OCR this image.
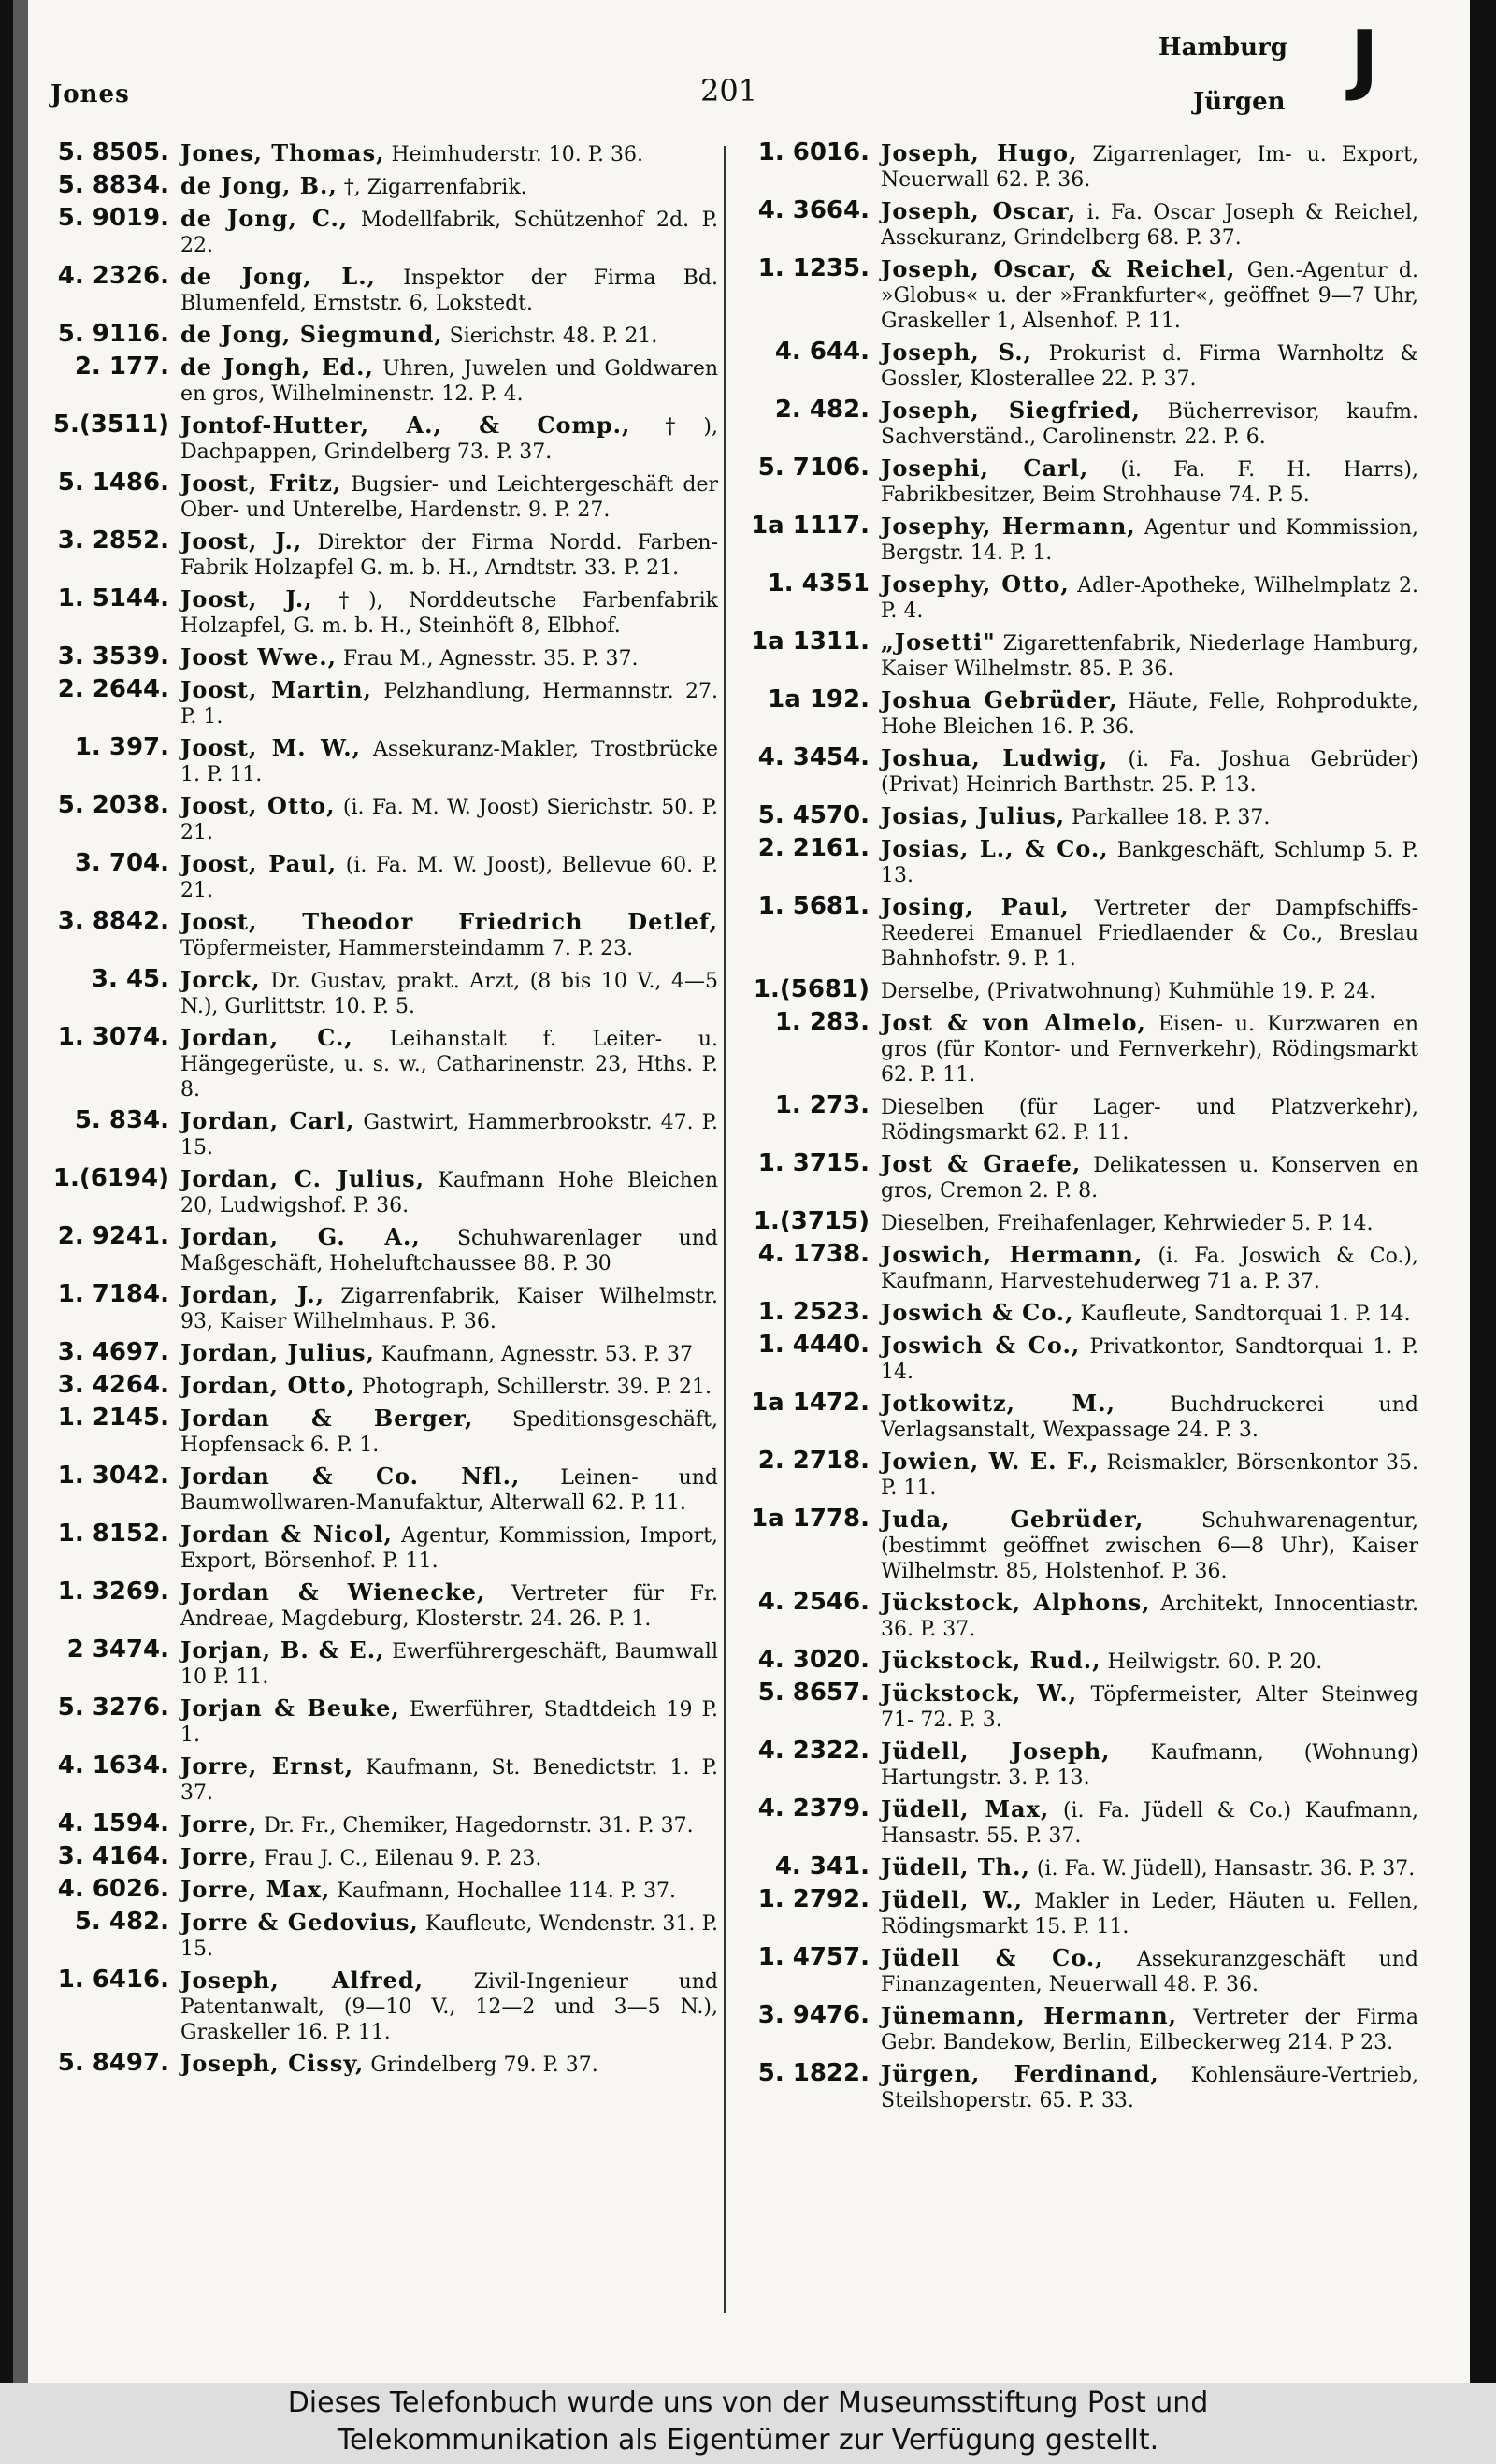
Jones	201
Hamburg
Jürgen J
5. 8505. Jones, Thomas, Heimhuderstr. 10. P. 36.
5. 8834. de Jong, B., †, Zigarrenfabrik.
5. 9019. de Jong, C., Modellfabrik, Schützenhof 2d. P. 22.
4. 2326. de Jong, L., Inspektor der Firma Bd. Blumenfeld, Ernststr. 6, Lokstedt.
5. 9116. de Jong, Siegmund, Sierichstr. 48. P. 21.
2. 177. de Jongh, Ed., Uhren, Juwelen und Goldwaren en gros, Wilhelminenstr. 12. P. 4.
5.(3511) Jontof-Hutter, A., & Comp., †), Dachpappen, Grindelberg 73. P. 37.
5. 1486. Joost, Fritz, Bugsier- und Leichtergeschäft der Ober- und Unterelbe, Hardenstr. 9. P. 27.
3. 2852. Joost, J., Direktor der Firma Nordd. Farben-Fabrik Holzapfel G. m. b. H., Arndtstr. 33. P. 21.
1. 5144. Joost, J., †), Norddeutsche Farbenfabrik Holzapfel, G. m. b. H., Steinhöft 8, Elbhof.
3. 3539. Joost Wwe., Frau M., Agnesstr. 35. P. 37.
2. 2644. Joost, Martin, Pelzhandlung, Hermannstr. 27. P. 1.
1. 397. Joost, M. W., Assekuranz-Makler, Trostbrücke 1. P. 11.
5. 2038. Joost, Otto, (i. Fa. M. W. Joost) Sierichstr. 50. P. 21.
3. 704. Joost, Paul, (i. Fa. M. W. Joost), Bellevue 60. P. 21.
3. 8842. Joost, Theodor Friedrich Detlef, Töpfermeister, Hammersteindamm 7. P. 23.
3. 45. Jorck, Dr. Gustav, prakt. Arzt, (8 bis 10 V., 4—5 N.), Gurlittstr. 10. P. 5.
1. 3074. Jordan, C., Leihanstalt f. Leiter- u. Hängegerüste, u. s. w., Catharinenstr. 23, Hths. P. 8.
5. 834. Jordan, Carl, Gastwirt, Hammerbrookstr. 47. P. 15.
1.(6194) Jordan, C. Julius, Kaufmann Hohe Bleichen 20, Ludwigshof. P. 36.
2. 9241. Jordan, G. A., Schuhwarenlager und Maßgeschäft, Hoheluftchaussee 88. P. 30
1. 7184. Jordan, J., Zigarrenfabrik, Kaiser Wilhelmstr. 93, Kaiser Wilhelmhaus. P. 36.
3. 4697. Jordan, Julius, Kaufmann, Agnesstr. 53. P. 37
3. 4264. Jordan, Otto, Photograph, Schillerstr. 39. P. 21.
1. 2145. Jordan & Berger, Speditionsgeschäft, Hopfensack 6. P. 1.
1. 3042. Jordan & Co. Nfl., Leinen- und Baumwollwaren-Manufaktur, Alterwall 62. P. 11.
1. 8152. Jordan & Nicol, Agentur, Kommission, Import, Export, Börsenhof. P. 11.
1. 3269. Jordan & Wienecke, Vertreter für Fr. Andreae, Magdeburg, Klosterstr. 24. 26. P. 1.
2 3474. Jorjan, B. & E., Ewerführergeschäft, Baumwall 10 P. 11.
5. 3276. Jorjan & Beuke, Ewerführer, Stadtdeich 19 P. 1.
4. 1634. Jorre, Ernst, Kaufmann, St. Benedictstr. 1. P. 37.
4. 1594. Jorre, Dr. Fr., Chemiker, Hagedornstr. 31. P. 37.
3. 4164. Jorre, Frau J. C., Eilenau 9. P. 23.
4. 6026. Jorre, Max, Kaufmann, Hochallee 114. P. 37.
5. 482. Jorre & Gedovius, Kaufleute, Wendenstr. 31. P. 15.
1. 6416. Joseph, Alfred, Zivil-Ingenieur und Patentanwalt, (9—10 V., 12—2 und 3—5 N.), Graskeller 16. P. 11.
5. 8497. Joseph, Cissy, Grindelberg 79. P. 37.
1. 6016. Joseph, Hugo, Zigarrenlager, Im- u. Export, Neuerwall 62. P. 36.
4. 3664. Joseph, Oscar, i. Fa. Oscar Joseph & Reichel, Assekuranz, Grindelberg 68. P. 37.
1. 1235. Joseph, Oscar, & Reichel, Gen.-Agentur d. »Globus« u. der »Frankfurter«, geöffnet 9—7 Uhr, Graskeller 1, Alsenhof. P. 11.
4. 644. Joseph, S., Prokurist d. Firma Warnholtz & Gossler, Klosterallee 22. P. 37.
2. 482. Joseph, Siegfried, Bücherrevisor, kaufm. Sachverständ., Carolinenstr. 22. P. 6.
5. 7106. Josephi, Carl, (i. Fa. F. H. Harrs), Fabrikbesitzer, Beim Strohhause 74. P. 5.
1a 1117. Josephy, Hermann, Agentur und Kommission, Bergstr. 14. P. 1.
1. 4351 Josephy, Otto, Adler-Apotheke, Wilhelmplatz 2. P. 4.
1a 1311. „Josetti" Zigarettenfabrik, Niederlage Hamburg, Kaiser Wilhelmstr. 85. P. 36.
1a 192. Joshua Gebrüder, Häute, Felle, Rohprodukte, Hohe Bleichen 16. P. 36.
4. 3454. Joshua, Ludwig, (i. Fa. Joshua Gebrüder) (Privat) Heinrich Barthstr. 25. P. 13.
5. 4570. Josias, Julius, Parkallee 18. P. 37.
2. 2161. Josias, L., & Co., Bankgeschäft, Schlump 5. P. 13.
1. 5681. Josing, Paul, Vertreter der Dampfschiffs-Reederei Emanuel Friedlaender & Co., Breslau Bahnhofstr. 9. P. 1.
1.(5681) Derselbe, (Privatwohnung) Kuhmühle 19. P. 24.
1. 283. Jost & von Almelo, Eisen- u. Kurzwaren en gros (für Kontor- und Fernverkehr), Rödingsmarkt 62. P. 11.
1. 273. Dieselben (für Lager- und Platzverkehr), Rödingsmarkt 62. P. 11.
1. 3715. Jost & Graefe, Delikatessen u. Konserven en gros, Cremon 2. P. 8.
1.(3715) Dieselben, Freihafenlager, Kehrwieder 5. P. 14.
4. 1738. Joswich, Hermann, (i. Fa. Joswich & Co.), Kaufmann, Harvestehuderweg 71 a. P. 37.
1. 2523. Joswich & Co., Kaufleute, Sandtorquai 1. P. 14.
1. 4440. Joswich & Co., Privatkontor, Sandtorquai 1. P. 14.
1a 1472. Jotkowitz, M.,	Buchdruckerei und Verlagsanstalt, Wexpassage 24. P. 3.
2. 2718. Jowien, W. E. F., Reismakler, Börsenkontor 35. P. 11.
1a 1778. Juda, Gebrüder,	Schuhwarenagentur, (bestimmt geöffnet zwischen 6—8 Uhr), Kaiser Wilhelmstr. 85, Holstenhof. P. 36.
4. 2546. Jückstock, Alphons, Architekt, Innocentiastr. 36. P. 37.
4. 3020. Jückstock, Rud., Heilwigstr. 60. P. 20.
5. 8657. Jückstock, W., Töpfermeister, Alter Steinweg 71- 72. P. 3.
4. 2322. Jüdell, Joseph, Kaufmann, (Wohnung) Hartungstr. 3. P. 13.
4. 2379. Jüdell, Max, (i. Fa. Jüdell & Co.) Kaufmann, Hansastr. 55. P. 37.
4. 341. Jüdell, Th., (i. Fa. W. Jüdell), Hansastr. 36. P. 37.
1. 2792. Jüdell, W., Makler in Leder, Häuten u. Fellen, Rödingsmarkt 15. P. 11.
1. 4757. Jüdell & Co., Assekuranzgeschäft und Finanzagenten, Neuerwall 48. P. 36.
3. 9476. Jünemann, Hermann, Vertreter der Firma Gebr. Bandekow, Berlin, Eilbeckerweg 214. P 23.
5. 1822. Jürgen, Ferdinand, Kohlensäure-Vertrieb, Steilshoperstr. 65. P. 33.
Dieses Telefonbuch wurde uns von der Museumsstiftung Post und
Telekommunikation als Eigentümer zur Verfügung gestellt.
